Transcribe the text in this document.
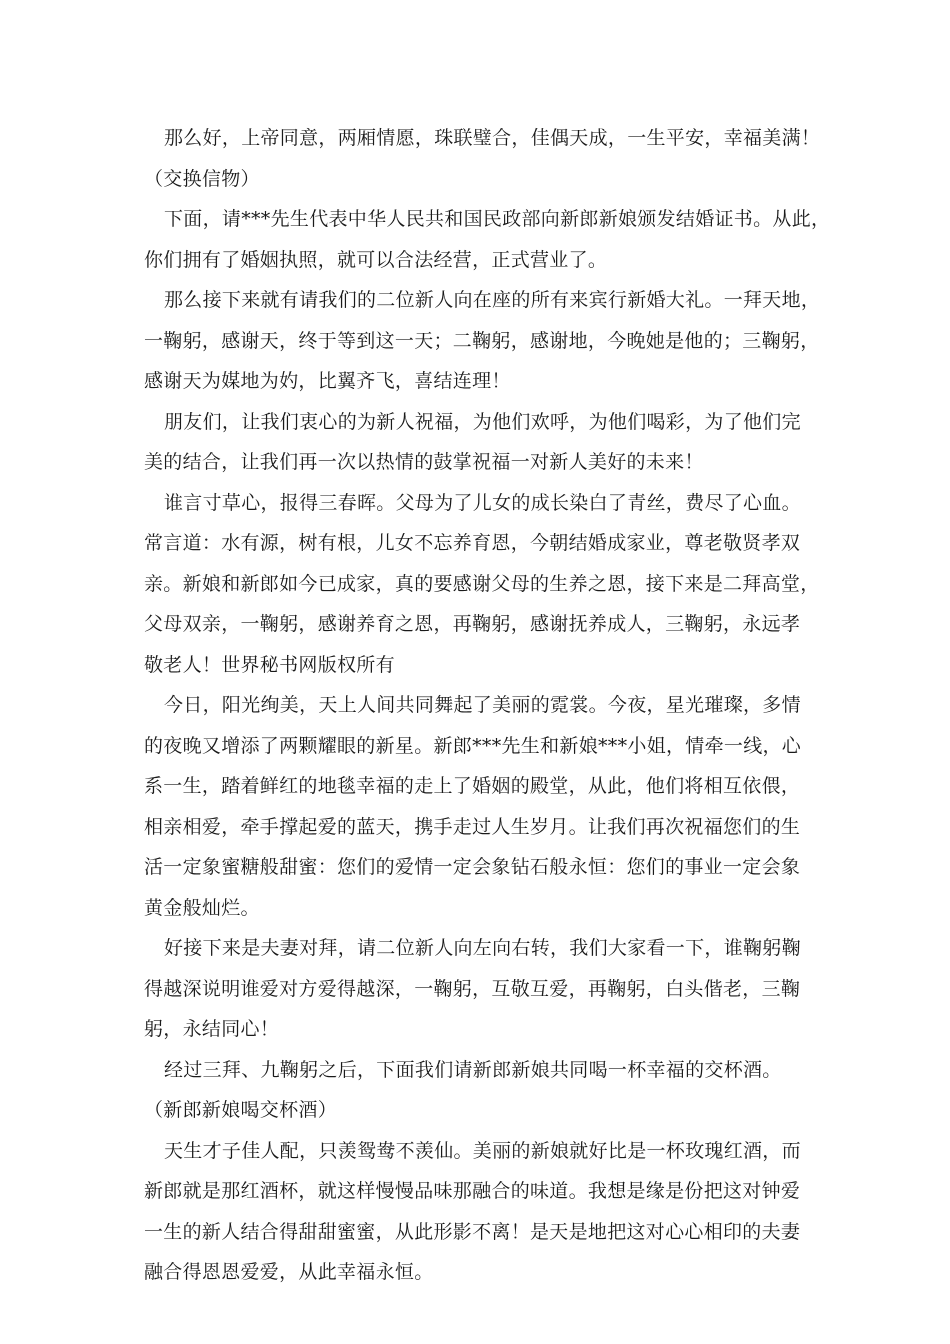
那么好，上帝同意，两厢情愿，珠联璧合，佳偶天成，一生平安，幸福美满！
（交换信物）
下面，请***先生代表中华人民共和国民政部向新郎新娘颁发结婚证书。从此，
你们拥有了婚姻执照，就可以合法经营，正式营业了。
那么接下来就有请我们的二位新人向在座的所有来宾行新婚大礼。一拜天地，
一鞠躬，感谢天，终于等到这一天；二鞠躬，感谢地，今晚她是他的；三鞠躬，
感谢天为媒地为妁，比翼齐飞，喜结连理！
朋友们，让我们衷心的为新人祝福，为他们欢呼，为他们喝彩，为了他们完
美的结合，让我们再一次以热情的鼓掌祝福一对新人美好的未来！
谁言寸草心，报得三春晖。父母为了儿女的成长染白了青丝，费尽了心血。
常言道：水有源，树有根，儿女不忘养育恩，今朝结婚成家业，尊老敬贤孝双
亲。新娘和新郎如今已成家，真的要感谢父母的生养之恩，接下来是二拜高堂，
父母双亲，一鞠躬，感谢养育之恩，再鞠躬，感谢抚养成人，三鞠躬，永远孝
敬老人！世界秘书网版权所有
今日，阳光绚美，天上人间共同舞起了美丽的霓裳。今夜，星光璀璨，多情
的夜晚又增添了两颗耀眼的新星。新郎***先生和新娘***小姐，情牵一线，心
系一生，踏着鲜红的地毯幸福的走上了婚姻的殿堂，从此，他们将相互依偎，
相亲相爱，牵手撑起爱的蓝天，携手走过人生岁月。让我们再次祝福您们的生
活一定象蜜糖般甜蜜：您们的爱情一定会象钻石般永恒：您们的事业一定会象
黄金般灿烂。
好接下来是夫妻对拜，请二位新人向左向右转，我们大家看一下，谁鞠躬鞠
得越深说明谁爱对方爱得越深，一鞠躬，互敬互爱，再鞠躬，白头偕老，三鞠
躬，永结同心！
经过三拜、九鞠躬之后，下面我们请新郎新娘共同喝一杯幸福的交杯酒。
（新郎新娘喝交杯酒）
天生才子佳人配，只羡鸳鸯不羡仙。美丽的新娘就好比是一杯玫瑰红酒，而
新郎就是那红酒杯，就这样慢慢品味那融合的味道。我想是缘是份把这对钟爱
一生的新人结合得甜甜蜜蜜，从此形影不离！是天是地把这对心心相印的夫妻
融合得恩恩爱爱，从此幸福永恒。
